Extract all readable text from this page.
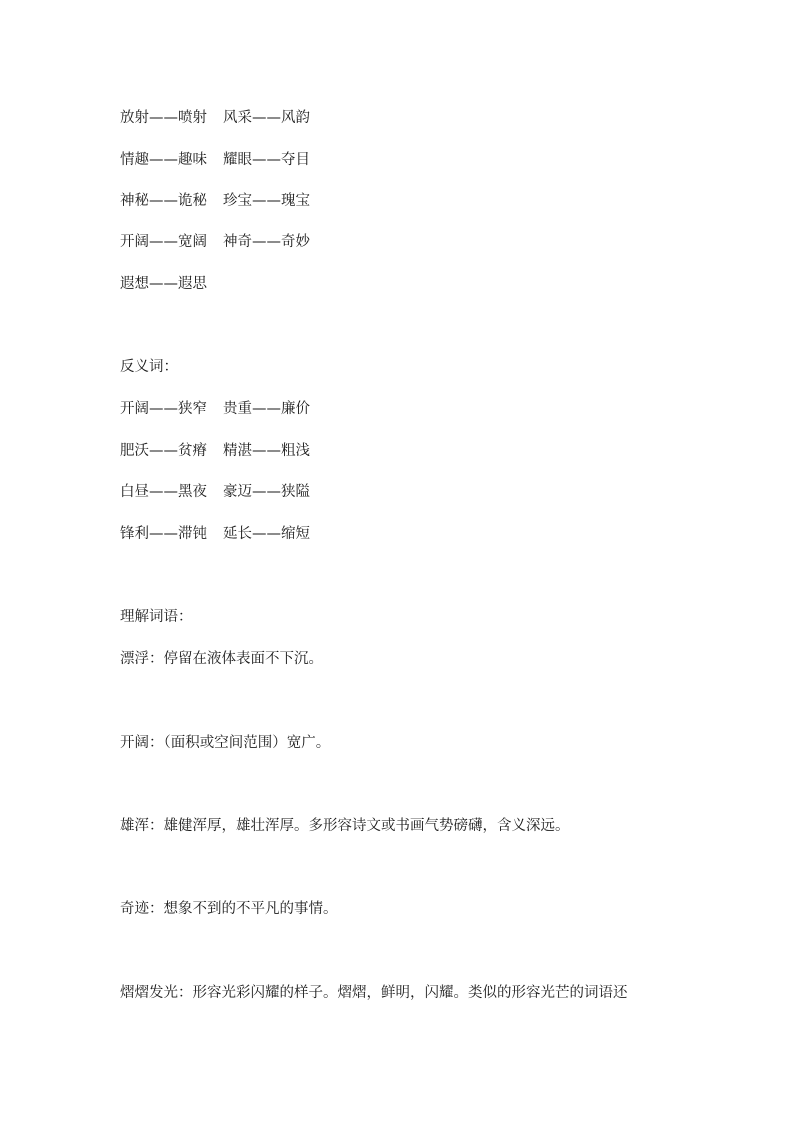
放射——喷射 风采——风韵
情趣——趣味 耀眼——夺目
神秘——诡秘 珍宝——瑰宝
开阔——宽阔 神奇——奇妙
遐想——遐思
反义词：
开阔——狭窄 贵重——廉价
肥沃——贫瘠 精湛——粗浅
白昼——黑夜 豪迈——狭隘
锋利——滞钝 延长——缩短
理解词语：
漂浮：停留在液体表面不下沉。
开阔：（面积或空间范围）宽广。
雄浑：雄健浑厚，雄壮浑厚。多形容诗文或书画气势磅礴，含义深远。
奇迹：想象不到的不平凡的事情。
熠熠发光：形容光彩闪耀的样子。熠熠，鲜明，闪耀。类似的形容光芒的词语还
